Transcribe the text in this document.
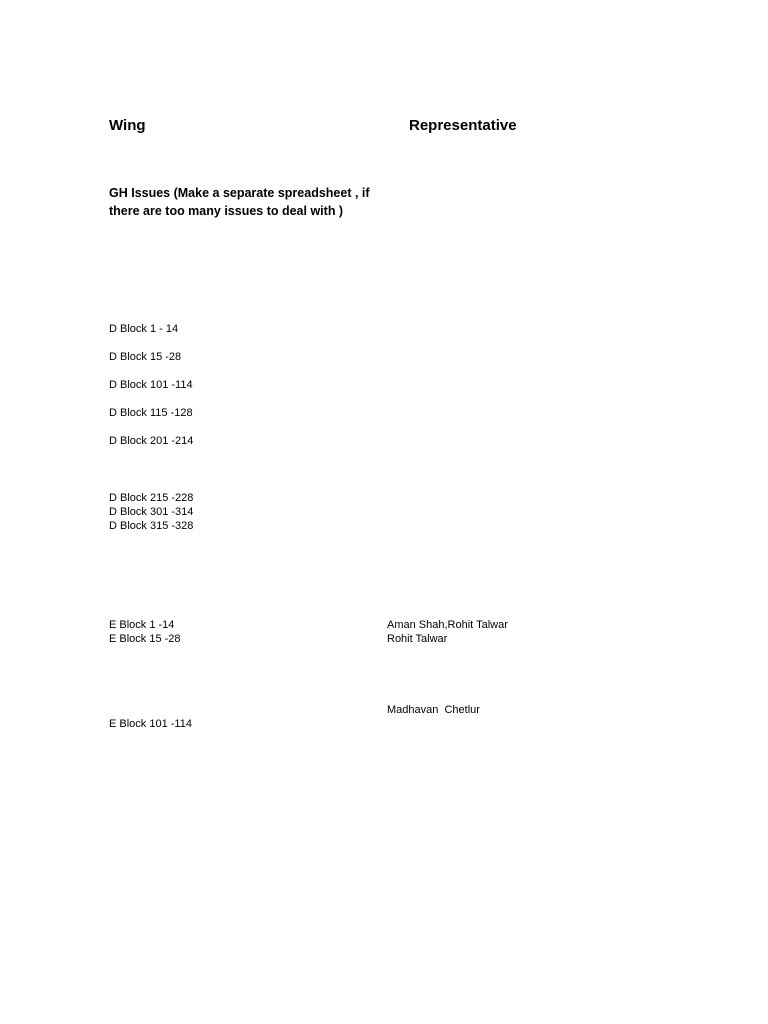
Wing	Representative
GH Issues (Make a separate spreadsheet , if there are too many issues to deal with )
D Block 1 - 14
D Block 15 -28
D Block 101 -114
D Block 115 -128
D Block 201 -214
D Block 215 -228
D Block 301 -314
D Block 315 -328
E Block 1 -14
E Block 15 -28
E Block 101 -114
Aman Shah,Rohit Talwar
Rohit Talwar
Madhavan  Chetlur
